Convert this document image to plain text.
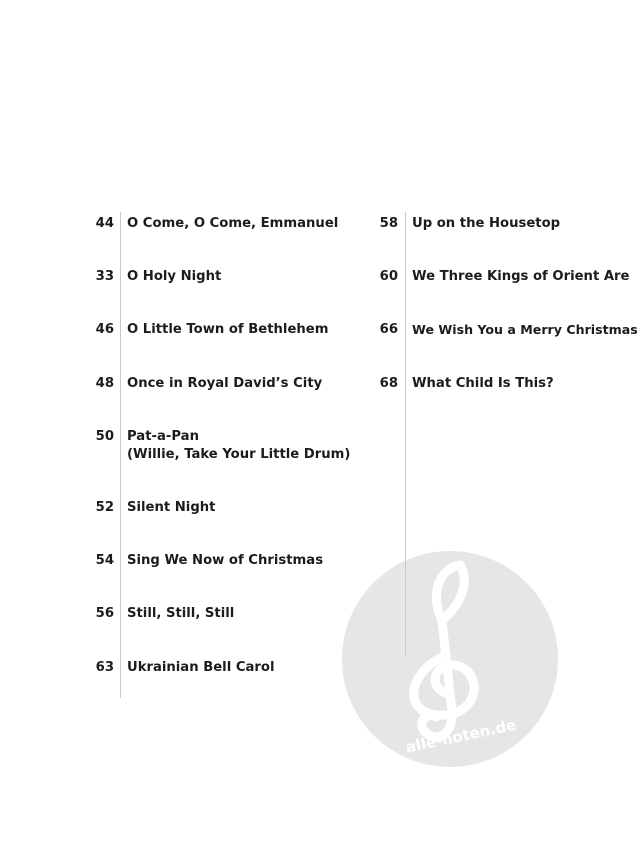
alle-noten.de
44 O Come, O Come, Emmanuel
33 O Holy Night
46 O Little Town of Bethlehem
48 Once in Royal David’s City
50 Pat-a-Pan
(Willie, Take Your Little Drum)
52 Silent Night
54 Sing We Now of Christmas
56 Still, Still, Still
63 Ukrainian Bell Carol
58 Up on the Housetop
60 We Three Kings of Orient Are
66 We Wish You a Merry Christmas
68 What Child Is This?
